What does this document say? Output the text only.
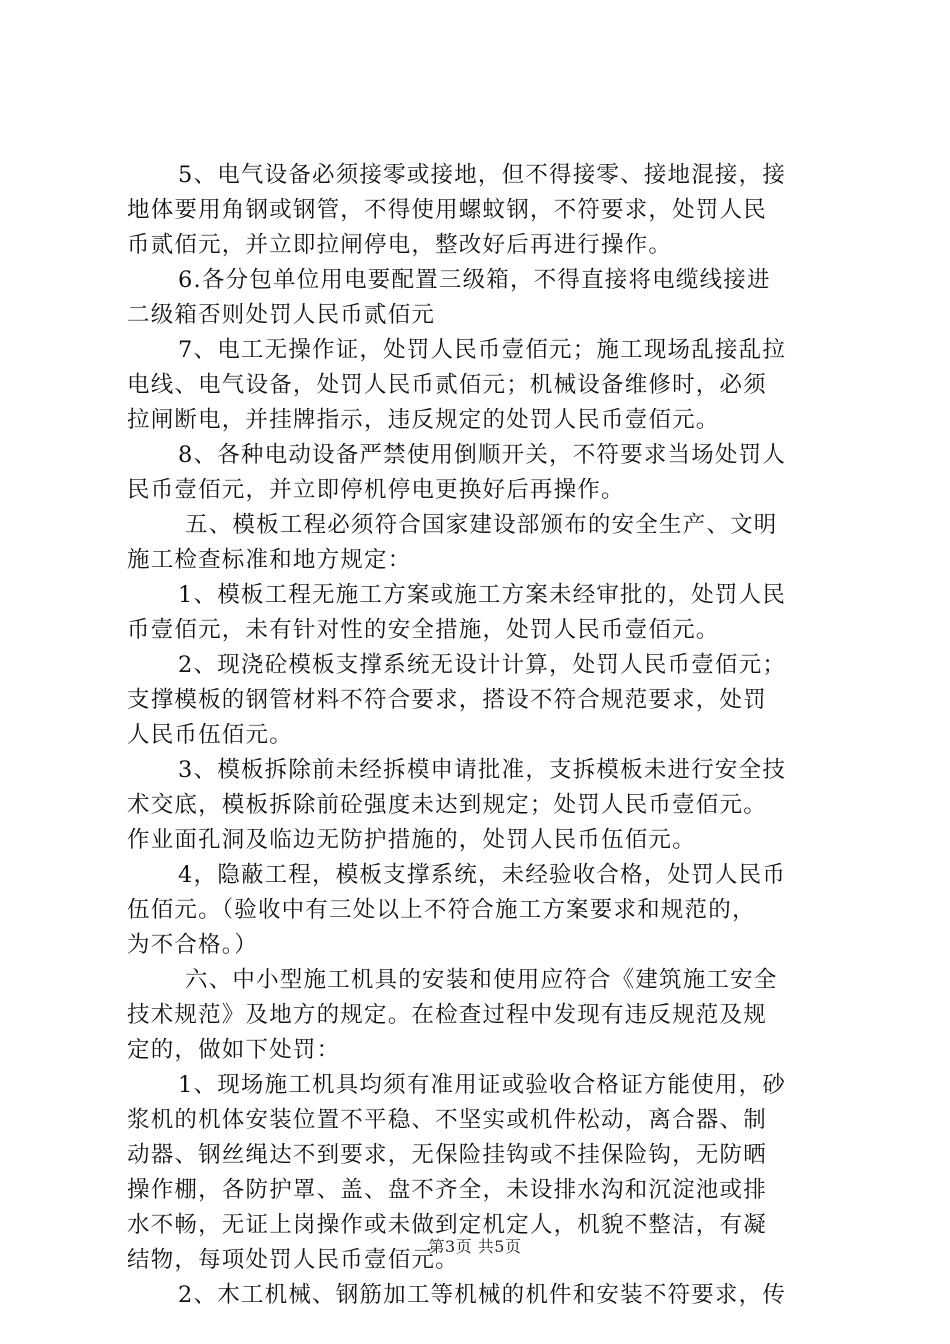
5、电气设备必须接零或接地，但不得接零、接地混接，接
地体要用角钢或钢管，不得使用螺蚊钢，不符要求，处罚人民
币贰佰元，并立即拉闸停电，整改好后再进行操作。
6.各分包单位用电要配置三级箱，不得直接将电缆线接进
二级箱否则处罚人民币贰佰元
7、电工无操作证，处罚人民币壹佰元；施工现场乱接乱拉
电线、电气设备，处罚人民币贰佰元；机械设备维修时，必须
拉闸断电，并挂牌指示，违反规定的处罚人民币壹佰元。
8、各种电动设备严禁使用倒顺开关，不符要求当场处罚人
民币壹佰元，并立即停机停电更换好后再操作。
五、模板工程必须符合国家建设部颁布的安全生产、文明
施工检查标准和地方规定：
1、模板工程无施工方案或施工方案未经审批的，处罚人民
币壹佰元，未有针对性的安全措施，处罚人民币壹佰元。
2、现浇砼模板支撑系统无设计计算，处罚人民币壹佰元；
支撑模板的钢管材料不符合要求，搭设不符合规范要求，处罚
人民币伍佰元。
3、模板拆除前未经拆模申请批准，支拆模板未进行安全技
术交底，模板拆除前砼强度未达到规定；处罚人民币壹佰元。
作业面孔洞及临边无防护措施的，处罚人民币伍佰元。
4，隐蔽工程，模板支撑系统，未经验收合格，处罚人民币
伍佰元。（验收中有三处以上不符合施工方案要求和规范的，
为不合格。）
六、中小型施工机具的安装和使用应符合《建筑施工安全
技术规范》及地方的规定。在检查过程中发现有违反规范及规
定的，做如下处罚：
1、现场施工机具均须有准用证或验收合格证方能使用，砂
浆机的机体安装位置不平稳、不坚实或机件松动，离合器、制
动器、钢丝绳达不到要求，无保险挂钩或不挂保险钩，无防晒
操作棚，各防护罩、盖、盘不齐全，未设排水沟和沉淀池或排
水不畅，无证上岗操作或未做到定机定人，机貌不整洁，有凝
结物，每项处罚人民币壹佰元。
2、木工机械、钢筋加工等机械的机件和安装不符要求，传
第3页 共5页
